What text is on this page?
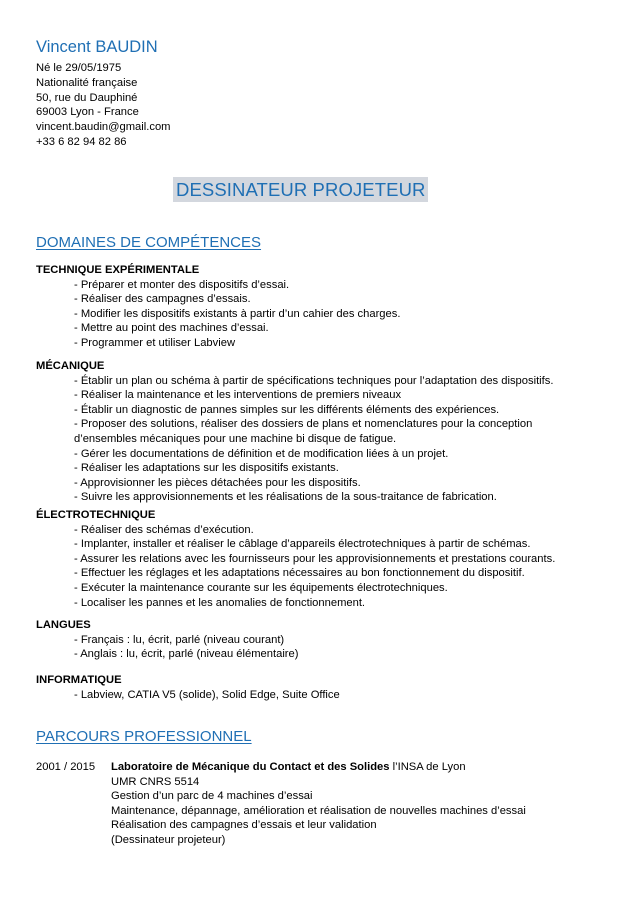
Vincent BAUDIN
Né le 29/05/1975
Nationalité française
50, rue du Dauphiné
69003 Lyon - France
vincent.baudin@gmail.com
+33 6 82 94 82 86
DESSINATEUR PROJETEUR
DOMAINES DE COMPÉTENCES
TECHNIQUE EXPÉRIMENTALE
- Préparer et monter des dispositifs d’essai.
- Réaliser des campagnes d’essais.
- Modifier les dispositifs existants à partir d’un cahier des charges.
- Mettre au point des machines d’essai.
- Programmer et utiliser Labview
MÉCANIQUE
- Établir un plan ou schéma à partir de spécifications techniques pour l’adaptation des dispositifs.
- Réaliser la maintenance et les interventions de premiers niveaux
- Établir un diagnostic de pannes simples sur les différents éléments des expériences.
- Proposer des solutions, réaliser des dossiers de plans et nomenclatures pour la conception
d’ensembles mécaniques pour une machine bi disque de fatigue.
- Gérer les documentations de définition et de modification liées à un projet.
- Réaliser les adaptations sur les dispositifs existants.
- Approvisionner les pièces détachées pour les dispositifs.
- Suivre les approvisionnements et les réalisations de la sous-traitance de fabrication.
ÉLECTROTECHNIQUE
- Réaliser des schémas d’exécution.
- Implanter, installer et réaliser le câblage d’appareils électrotechniques à partir de schémas.
- Assurer les relations avec les fournisseurs pour les approvisionnements et prestations courants.
- Effectuer les réglages et les adaptations nécessaires au bon fonctionnement du dispositif.
- Exécuter la maintenance courante sur les équipements électrotechniques.
- Localiser les pannes et les anomalies de fonctionnement.
LANGUES
- Français : lu, écrit, parlé (niveau courant)
- Anglais : lu, écrit, parlé (niveau élémentaire)
INFORMATIQUE
- Labview, CATIA V5 (solide), Solid Edge, Suite Office
PARCOURS PROFESSIONNEL
2001 / 2015 Laboratoire de Mécanique du Contact et des Solides l’INSA de Lyon
UMR CNRS 5514
Gestion d’un parc de 4 machines d’essai
Maintenance, dépannage, amélioration et réalisation de nouvelles machines d’essai
Réalisation des campagnes d’essais et leur validation
(Dessinateur projeteur)
